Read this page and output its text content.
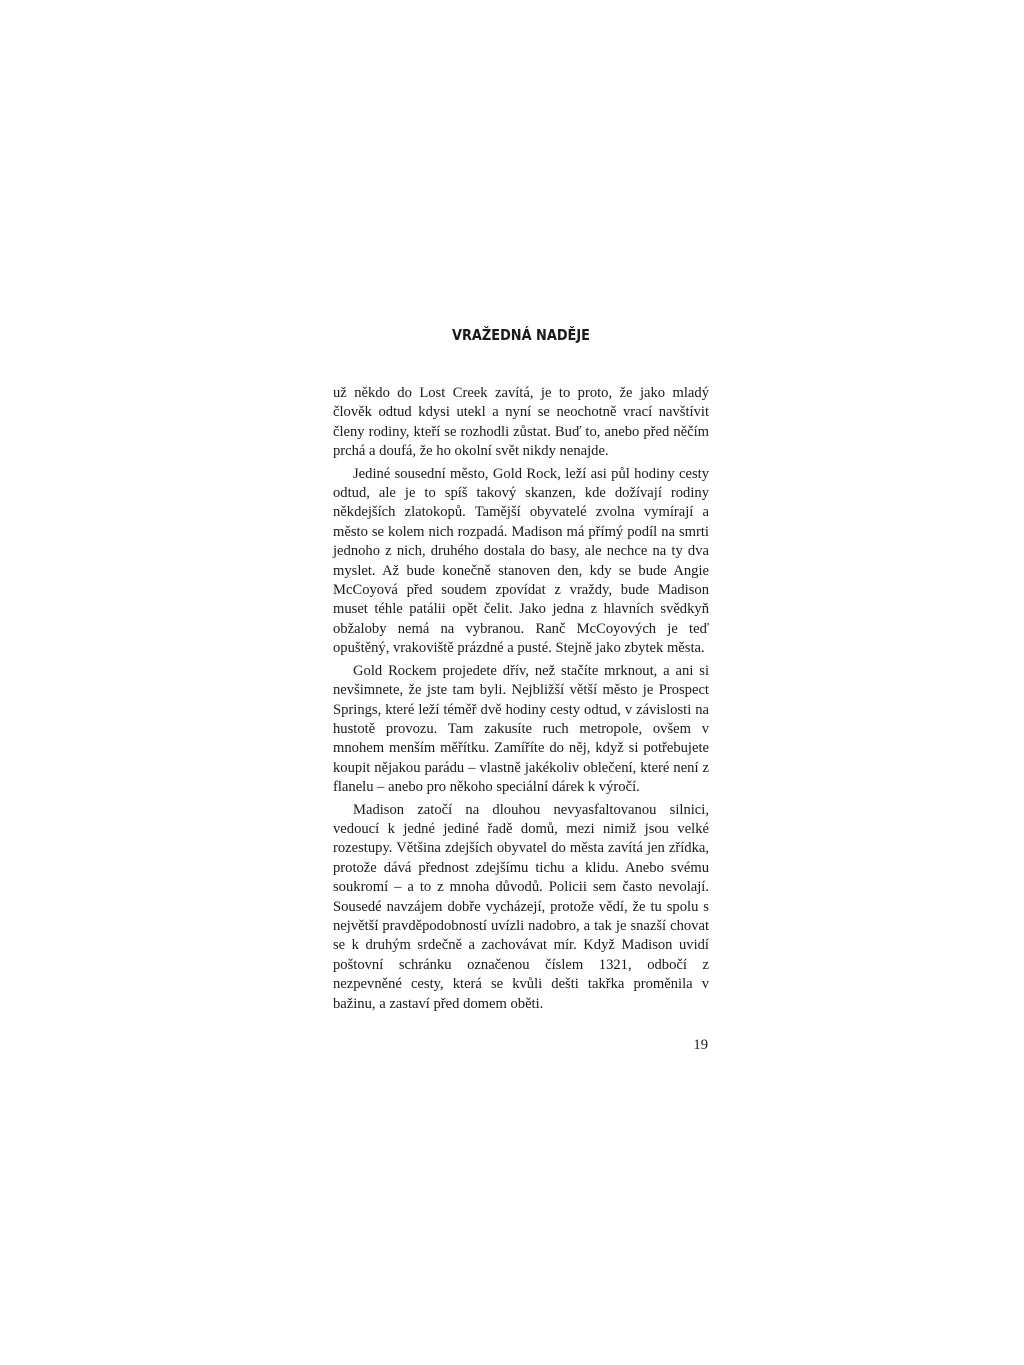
VRAŽEDNÁ NADĚJE

už někdo do Lost Creek zavítá, je to proto, že jako mladý člověk odtud kdysi utekl a nyní se neochotně vrací navštívit členy rodiny, kteří se rozhodli zůstat. Buď to, anebo před něčím prchá a doufá, že ho okolní svět nikdy nenajde.

Jediné sousední město, Gold Rock, leží asi půl hodiny cesty odtud, ale je to spíš takový skanzen, kde dožívají rodiny někdejších zlatokopů. Tamější obyvatelé zvolna vymírají a město se kolem nich rozpadá. Madison má přímý podíl na smrti jednoho z nich, druhého dostala do basy, ale nechce na ty dva myslet. Až bude konečně stanoven den, kdy se bude Angie McCoyová před soudem zpovídat z vraždy, bude Madison muset téhle patálii opět čelit. Jako jedna z hlavních svědkyň obžaloby nemá na vybranou. Ranč McCoyových je teď opuštěný, vrakoviště prázdné a pusté. Stejně jako zbytek města.

Gold Rockem projedete dřív, než stačíte mrknout, a ani si nevšimnete, že jste tam byli. Nejbližší větší město je Prospect Springs, které leží téměř dvě hodiny cesty odtud, v závislosti na hustotě provozu. Tam zakusíte ruch metropole, ovšem v mnohem menším měřítku. Zamíříte do něj, když si potřebujete koupit nějakou parádu – vlastně jakékoliv oblečení, které není z flanelu – anebo pro někoho speciální dárek k výročí.

Madison zatočí na dlouhou nevyasfaltovanou silnici, vedoucí k jedné jediné řadě domů, mezi nimiž jsou velké rozestupy. Většina zdejších obyvatel do města zavítá jen zřídka, protože dává přednost zdejšímu tichu a klidu. Anebo svému soukromí – a to z mnoha důvodů. Policii sem často nevolají. Sousedé navzájem dobře vycházejí, protože vědí, že tu spolu s největší pravděpodobností uvízli nadobro, a tak je snazší chovat se k druhým srdečně a zachovávat mír. Když Madison uvidí poštovní schránku označenou číslem 1321, odbočí z nezpevněné cesty, která se kvůli dešti takřka proměnila v bažinu, a zastaví před domem oběti.

19
